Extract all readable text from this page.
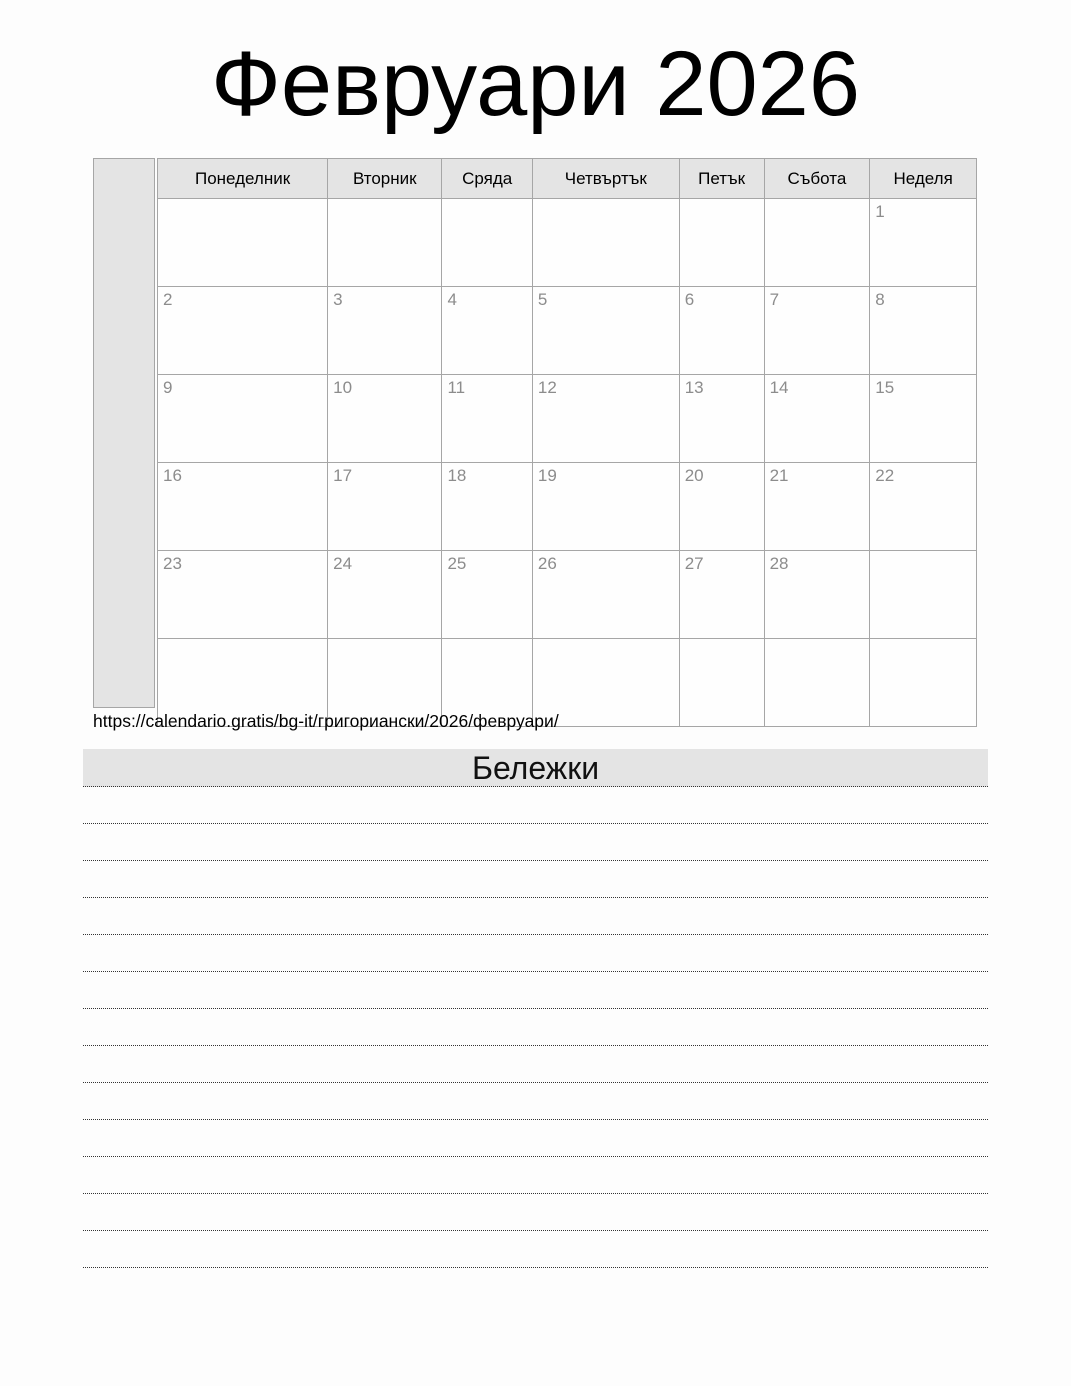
Февруари 2026
Понеделник	Вторник	Сряда	Четвъртък	Петък	Събота	Неделя
						1
2	3	4	5	6	7	8
9	10	11	12	13	14	15
16	17	18	19	20	21	22
23	24	25	26	27	28	

https://calendario.gratis/bg-it/григориански/2026/февруари/
Бележки
